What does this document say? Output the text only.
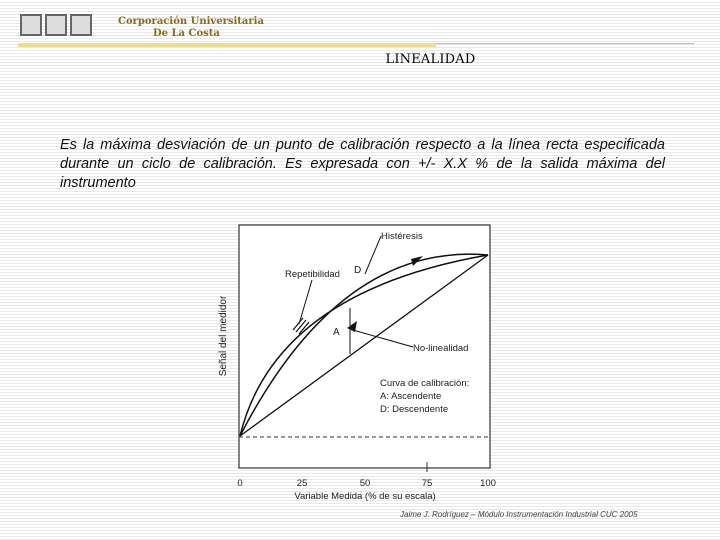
Corporación Universitaria
De La Costa
LINEALIDAD
Es la máxima desviación de un punto de calibración respecto a la línea recta especificada durante un ciclo de calibración. Es expresada con +/- X.X % de la salida máxima del instrumento
Histéresis
Repetibilidad D
A
No-linealidad
Curva de calibración:
A: Ascendente
D: Descendente
Señal del medidor
0	25	50	75	100
Variable Medida (% de su escala)
Jaime J. Rodríguez – Módulo Instrumentación Industrial CUC 2005
